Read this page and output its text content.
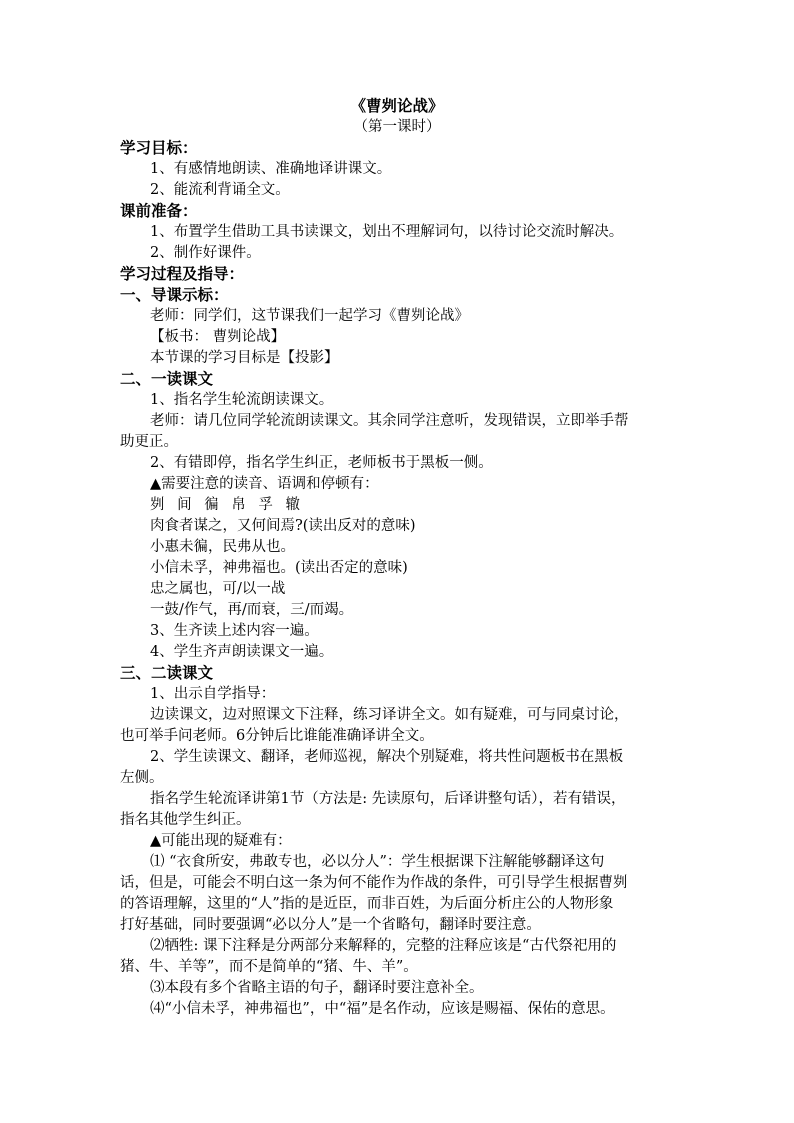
《曹刿论战》
（第一课时）
学习目标：
1、有感情地朗读、准确地译讲课文。
2、能流利背诵全文。
课前准备：
1、布置学生借助工具书读课文，划出不理解词句，以待讨论交流时解决。
2、制作好课件。
学习过程及指导：
一、导课示标：
老师：同学们，这节课我们一起学习《曹刿论战》
【板书： 曹刿论战】
本节课的学习目标是【投影】
二、一读课文
1、指名学生轮流朗读课文。
老师：请几位同学轮流朗读课文。其余同学注意听，发现错误，立即举手帮
助更正。
2、有错即停，指名学生纠正，老师板书于黑板一侧。
▲需要注意的读音、语调和停顿有：
刿 间 徧 帛 孚 辙
肉食者谋之，又何间焉?(读出反对的意味)
小惠未徧，民弗从也。
小信未孚，神弗福也。(读出否定的意味)
忠之属也，可/以一战
一鼓/作气，再/而衰，三/而竭。
3、生齐读上述内容一遍。
4、学生齐声朗读课文一遍。
三、二读课文
1、出示自学指导：
边读课文，边对照课文下注释，练习译讲全文。如有疑难，可与同桌讨论，
也可举手问老师。6分钟后比谁能准确译讲全文。
2、学生读课文、翻译，老师巡视，解决个别疑难，将共性问题板书在黑板
左侧。
指名学生轮流译讲第1节（方法是: 先读原句，后译讲整句话），若有错误，
指名其他学生纠正。
▲可能出现的疑难有：
⑴ “衣食所安，弗敢专也，必以分人”：学生根据课下注解能够翻译这句
话，但是，可能会不明白这一条为何不能作为作战的条件，可引导学生根据曹刿
的答语理解，这里的“人”指的是近臣，而非百姓，为后面分析庄公的人物形象
打好基础，同时要强调“必以分人”是一个省略句，翻译时要注意。
⑵牺牲: 课下注释是分两部分来解释的，完整的注释应该是“古代祭祀用的
猪、牛、羊等”，而不是简单的“猪、牛、羊”。
⑶本段有多个省略主语的句子，翻译时要注意补全。
⑷“小信未孚，神弗福也”，中“福”是名作动，应该是赐福、保佑的意思。
